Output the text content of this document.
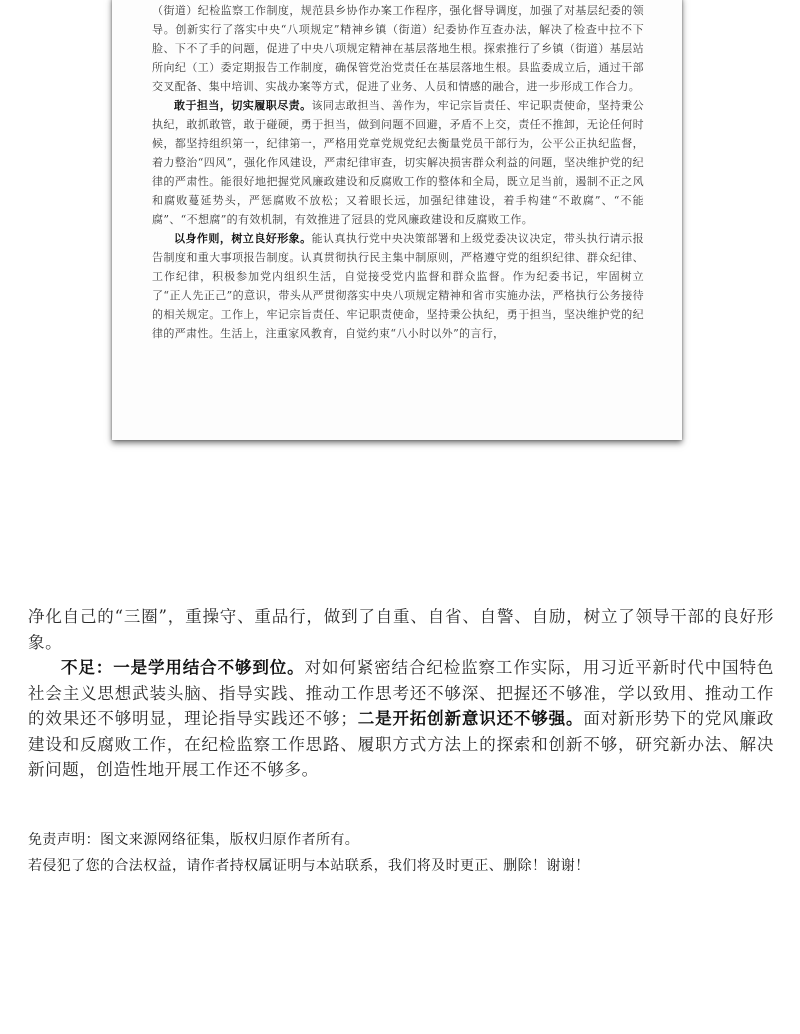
（街道）纪检监察工作制度，规范县乡协作办案工作程序，强化督导调度，加强了对基层纪委的领导。创新实行了落实中央“八项规定”精神乡镇（街道）纪委协作互查办法，解决了检查中拉不下脸、下不了手的问题，促进了中央八项规定精神在基层落地生根。探索推行了乡镇（街道）基层站所向纪（工）委定期报告工作制度，确保管党治党责任在基层落地生根。县监委成立后，通过干部交叉配备、集中培训、实战办案等方式，促进了业务、人员和情感的融合，进一步形成工作合力。

敢于担当，切实履职尽责。该同志敢担当、善作为，牢记宗旨责任、牢记职责使命，坚持秉公执纪，敢抓敢管，敢于碰硬，勇于担当，做到问题不回避，矛盾不上交，责任不推卸，无论任何时候，都坚持组织第一，纪律第一，严格用党章党规党纪去衡量党员干部行为，公平公正执纪监督，着力整治“四风”，强化作风建设，严肃纪律审查，切实解决损害群众利益的问题，坚决维护党的纪律的严肃性。能很好地把握党风廉政建设和反腐败工作的整体和全局，既立足当前，遏制不正之风和腐败蔓延势头，严惩腐败不放松；又着眼长远，加强纪律建设，着手构建“不敢腐”、“不能腐”、“不想腐”的有效机制，有效推进了冠县的党风廉政建设和反腐败工作。

以身作则，树立良好形象。能认真执行党中央决策部署和上级党委决议决定，带头执行请示报告制度和重大事项报告制度。认真贯彻执行民主集中制原则，严格遵守党的组织纪律、群众纪律、工作纪律，积极参加党内组织生活，自觉接受党内监督和群众监督。作为纪委书记，牢固树立了“正人先正己”的意识，带头从严贯彻落实中央八项规定精神和省市实施办法，严格执行公务接待的相关规定。工作上，牢记宗旨责任、牢记职责使命，坚持秉公执纪，勇于担当，坚决维护党的纪律的严肃性。生活上，注重家风教育，自觉约束“八小时以外”的言行，

净化自己的“三圈”，重操守、重品行，做到了自重、自省、自警、自励，树立了领导干部的良好形象。

不足：一是学用结合不够到位。对如何紧密结合纪检监察工作实际，用习近平新时代中国特色社会主义思想武装头脑、指导实践、推动工作思考还不够深、把握还不够准，学以致用、推动工作的效果还不够明显，理论指导实践还不够；二是开拓创新意识还不够强。面对新形势下的党风廉政建设和反腐败工作，在纪检监察工作思路、履职方式方法上的探索和创新不够，研究新办法、解决新问题，创造性地开展工作还不够多。

免责声明：图文来源网络征集，版权归原作者所有。

若侵犯了您的合法权益，请作者持权属证明与本站联系，我们将及时更正、删除！谢谢！
